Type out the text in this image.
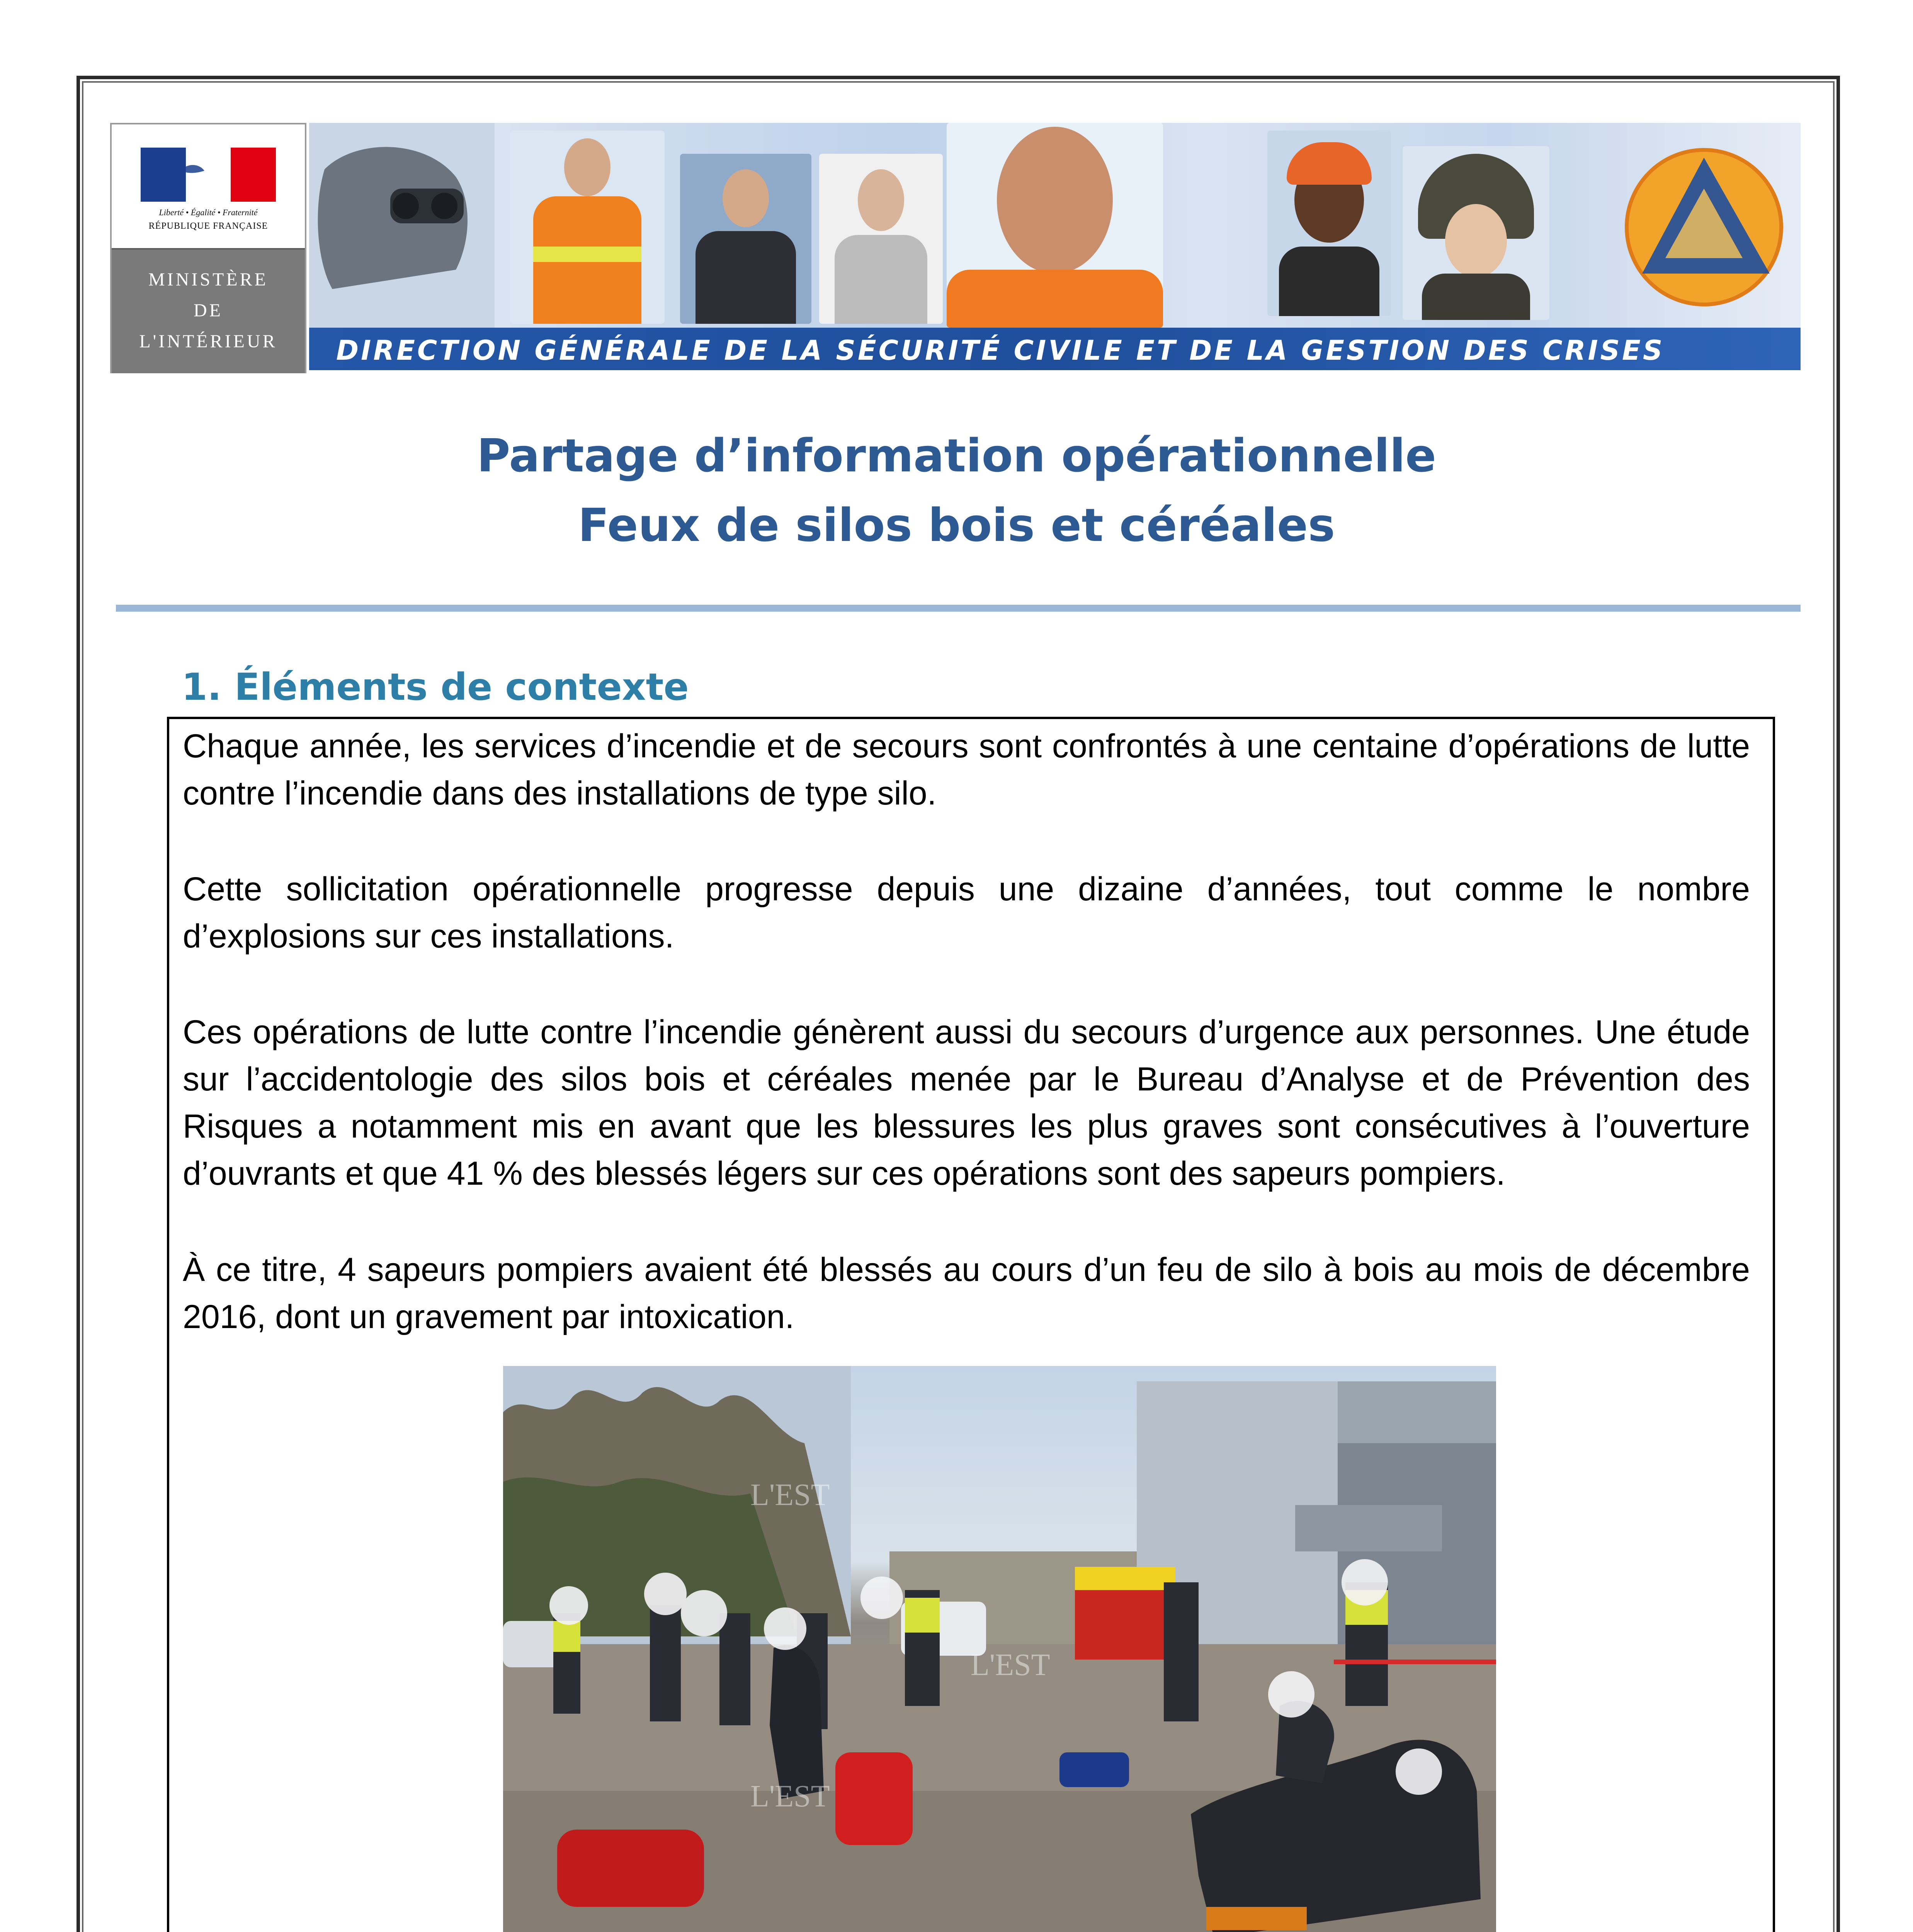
Liberté • Égalité • Fraternité
RÉPUBLIQUE FRANÇAISE
MINISTÈRE
DE
L'INTÉRIEUR	DIRECTION GÉNÉRALE DE LA SÉCURITÉ CIVILE ET DE LA GESTION DES CRISES
Partage d’information opérationnelle
Feux de silos bois et céréales
1. Éléments de contexte
Chaque année, les services d’incendie et de secours sont confrontés à une centaine d’opérations de lutte contre l’incendie dans des installations de type silo.
Cette sollicitation opérationnelle progresse depuis une dizaine d’années, tout comme le nombre d’explosions sur ces installations.
Ces opérations de lutte contre l’incendie génèrent aussi du secours d’urgence aux personnes. Une étude sur l’accidentologie des silos bois et céréales menée par le Bureau d’Analyse et de Prévention des Risques a notamment mis en avant que les blessures les plus graves sont consécutives à l’ouverture d’ouvrants et que 41 % des blessés légers sur ces opérations sont des sapeurs pompiers.
À ce titre, 4 sapeurs pompiers avaient été blessés au cours d’un feu de silo à bois au mois de décembre 2016, dont un gravement par intoxication.
L'EST
L'EST
L'EST
